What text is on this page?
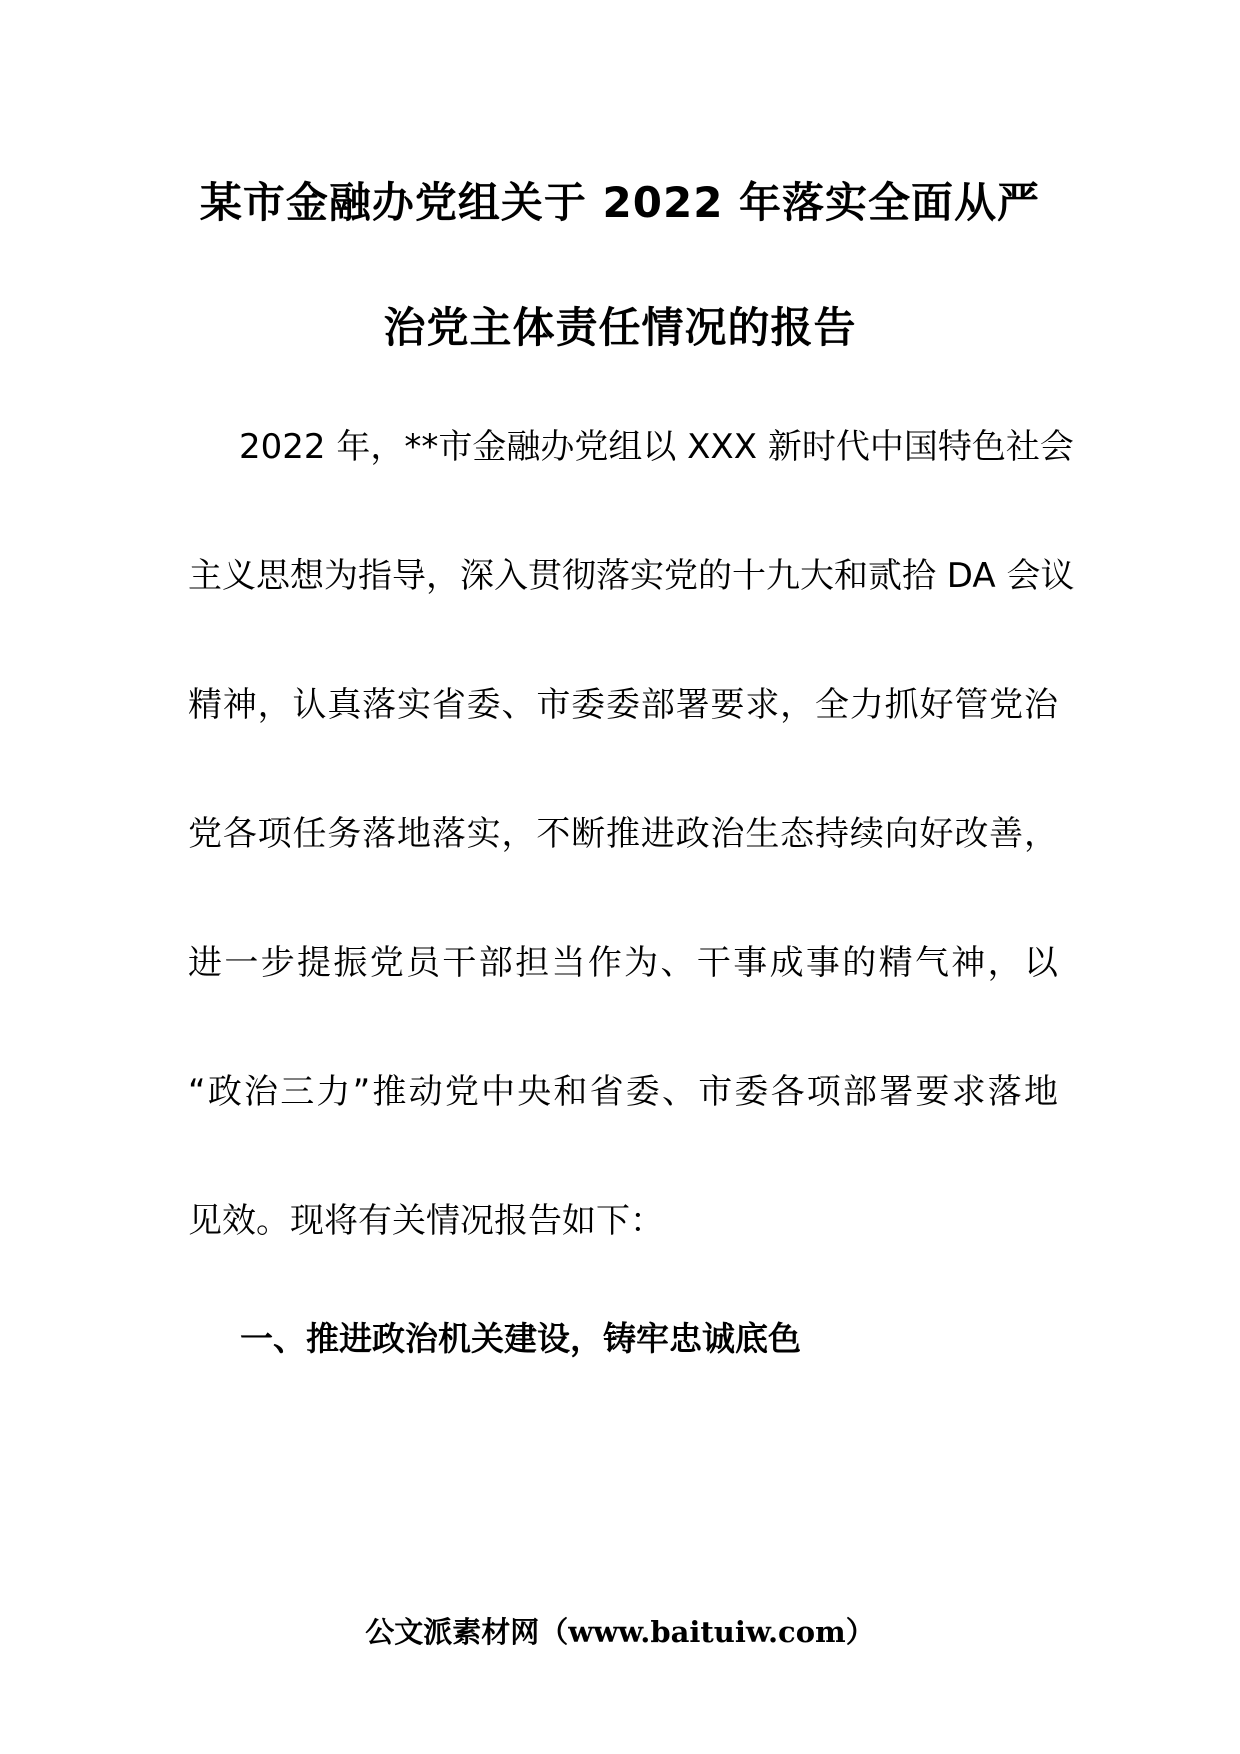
某市金融办党组关于 2022 年落实全面从严
治党主体责任情况的报告
2022 年，**市金融办党组以 XXX 新时代中国特色社会
主义思想为指导，深入贯彻落实党的十九大和贰拾 DA 会议
精神，认真落实省委、市委委部署要求，全力抓好管党治
党各项任务落地落实，不断推进政治生态持续向好改善，
进一步提振党员干部担当作为、干事成事的精气神，以
“政治三力”推动党中央和省委、市委各项部署要求落地
见效。现将有关情况报告如下：
一、推进政治机关建设，铸牢忠诚底色
公文派素材网（www.baituiw.com）
